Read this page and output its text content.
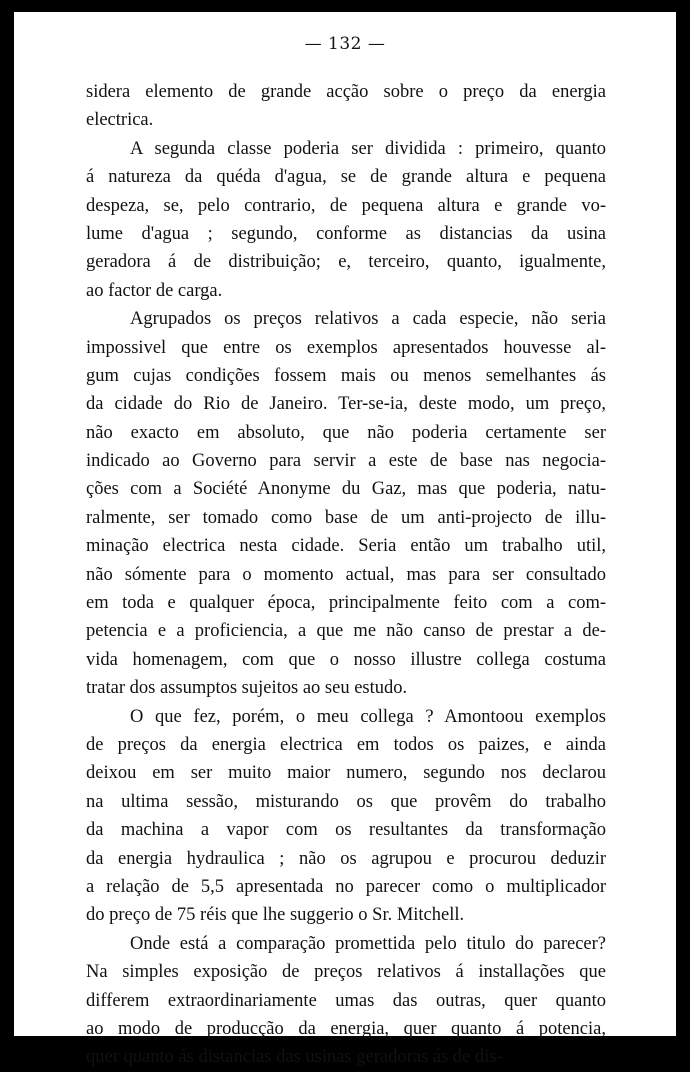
— 132 —
sidera elemento de grande acção sobre o preço da energia
electrica.
A segunda classe poderia ser dividida : primeiro, quanto
á natureza da quéda d'agua, se de grande altura e pequena
despeza, se, pelo contrario, de pequena altura e grande vo-
lume d'agua ; segundo, conforme as distancias da usina
geradora á de distribuição; e, terceiro, quanto, igualmente,
ao factor de carga.
Agrupados os preços relativos a cada especie, não seria
impossivel que entre os exemplos apresentados houvesse al-
gum cujas condições fossem mais ou menos semelhantes ás
da cidade do Rio de Janeiro. Ter-se-ia, deste modo, um preço,
não exacto em absoluto, que não poderia certamente ser
indicado ao Governo para servir a este de base nas negocia-
ções com a Société Anonyme du Gaz, mas que poderia, natu-
ralmente, ser tomado como base de um anti-projecto de illu-
minação electrica nesta cidade. Seria então um trabalho util,
não sómente para o momento actual, mas para ser consultado
em toda e qualquer época, principalmente feito com a com-
petencia e a proficiencia, a que me não canso de prestar a de-
vida homenagem, com que o nosso illustre collega costuma
tratar dos assumptos sujeitos ao seu estudo.
O que fez, porém, o meu collega ? Amontoou exemplos
de preços da energia electrica em todos os paizes, e ainda
deixou em ser muito maior numero, segundo nos declarou
na ultima sessão, misturando os que provêm do trabalho
da machina a vapor com os resultantes da transformação
da energia hydraulica ; não os agrupou e procurou deduzir
a relação de 5,5 apresentada no parecer como o multiplicador
do preço de 75 réis que lhe suggerio o Sr. Mitchell.
Onde está a comparação promettida pelo titulo do parecer?
Na simples exposição de preços relativos á installações que
differem extraordinariamente umas das outras, quer quanto
ao modo de producção da energia, quer quanto á potencia,
quer quanto ás distancias das usinas geradoras ás de dis-
